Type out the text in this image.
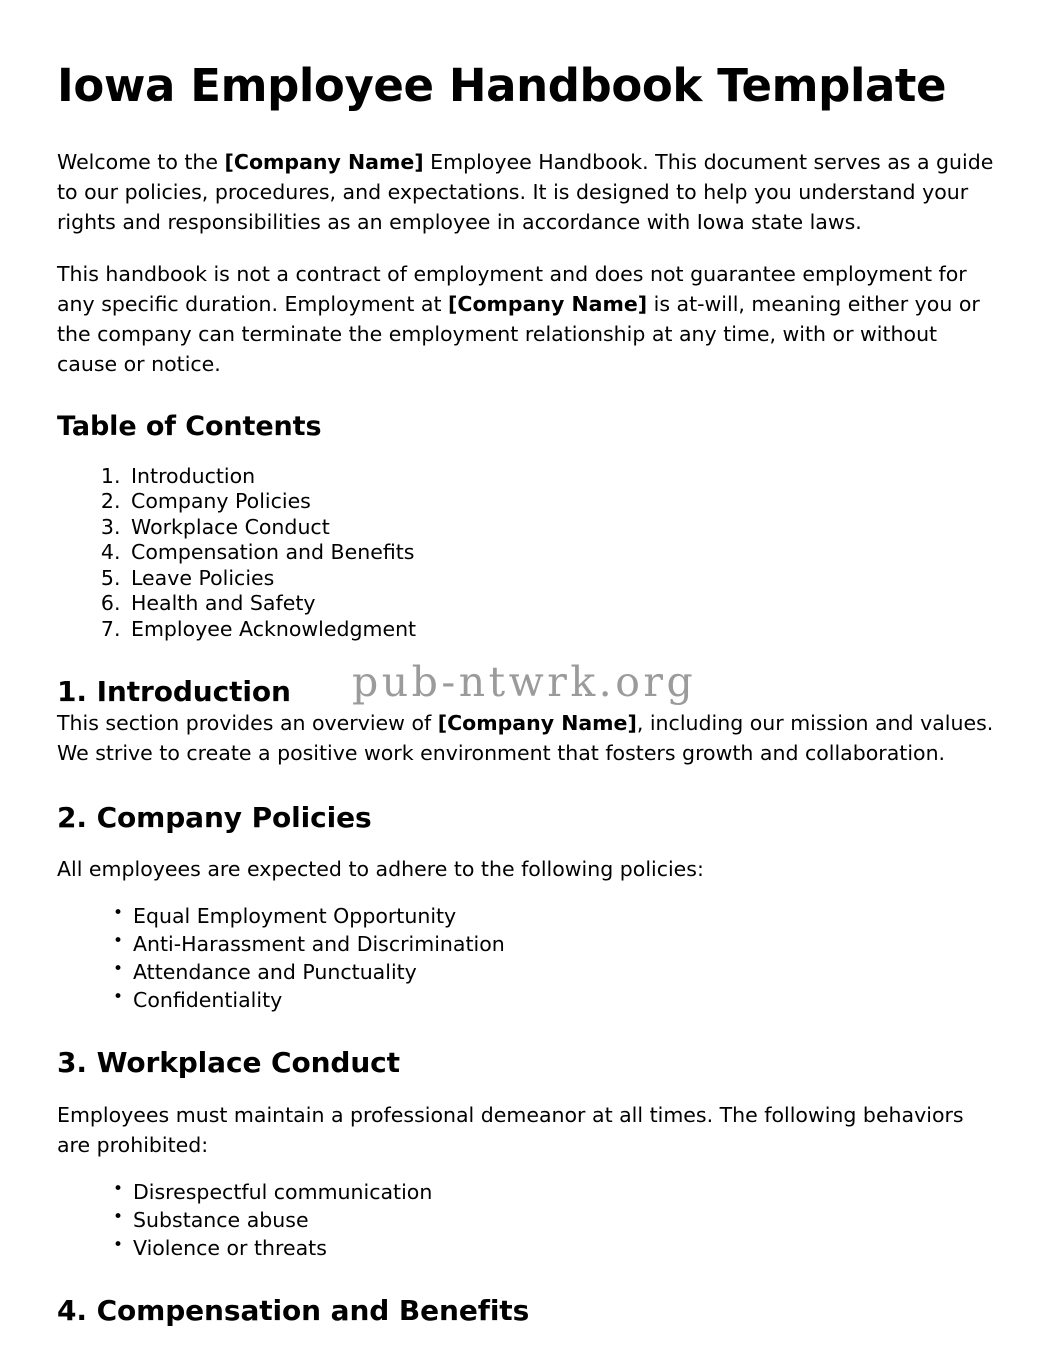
pub-ntwrk.org
Iowa Employee Handbook Template

Welcome to the [Company Name] Employee Handbook. This document serves as a guide to our policies, procedures, and expectations. It is designed to help you understand your rights and responsibilities as an employee in accordance with Iowa state laws.

This handbook is not a contract of employment and does not guarantee employment for any specific duration. Employment at [Company Name] is at-will, meaning either you or the company can terminate the employment relationship at any time, with or without cause or notice.

Table of Contents
1. Introduction
2. Company Policies
3. Workplace Conduct
4. Compensation and Benefits
5. Leave Policies
6. Health and Safety
7. Employee Acknowledgment
1. Introduction

This section provides an overview of [Company Name], including our mission and values. We strive to create a positive work environment that fosters growth and collaboration.

2. Company Policies

All employees are expected to adhere to the following policies:

• Equal Employment Opportunity
• Anti-Harassment and Discrimination
• Attendance and Punctuality
• Confidentiality
3. Workplace Conduct

Employees must maintain a professional demeanor at all times. The following behaviors are prohibited:

• Disrespectful communication
• Substance abuse
• Violence or threats
4. Compensation and Benefits
